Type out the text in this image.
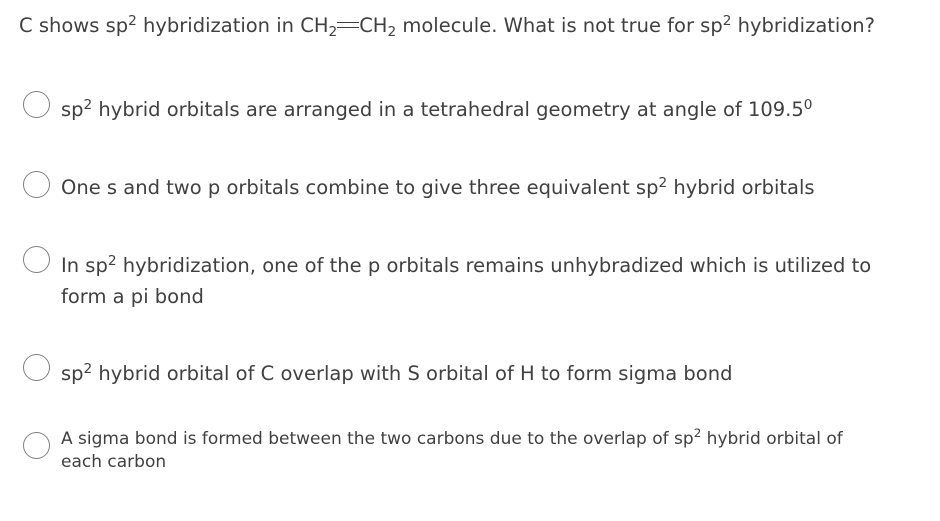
C shows $sp^2$ hybridization in $CH_2$ $CH_2$ molecule. What is not true for $sp^2$ hybridization?
$sp^2$ hybrid orbitals are arranged in a tetrahedral geometry at angle of 109.5$^0$
One s and two p orbitals combine to give three equivalent $sp^2$ hybrid orbitals
In $sp^2$ hybridization, one of the p orbitals remains unhybradized which is utilized to form a pi bond
$sp^2$ hybrid orbital of C overlap with S orbital of H to form sigma bond
A sigma bond is formed between the two carbons due to the overlap of $sp^2$ hybrid orbital of each carbon
